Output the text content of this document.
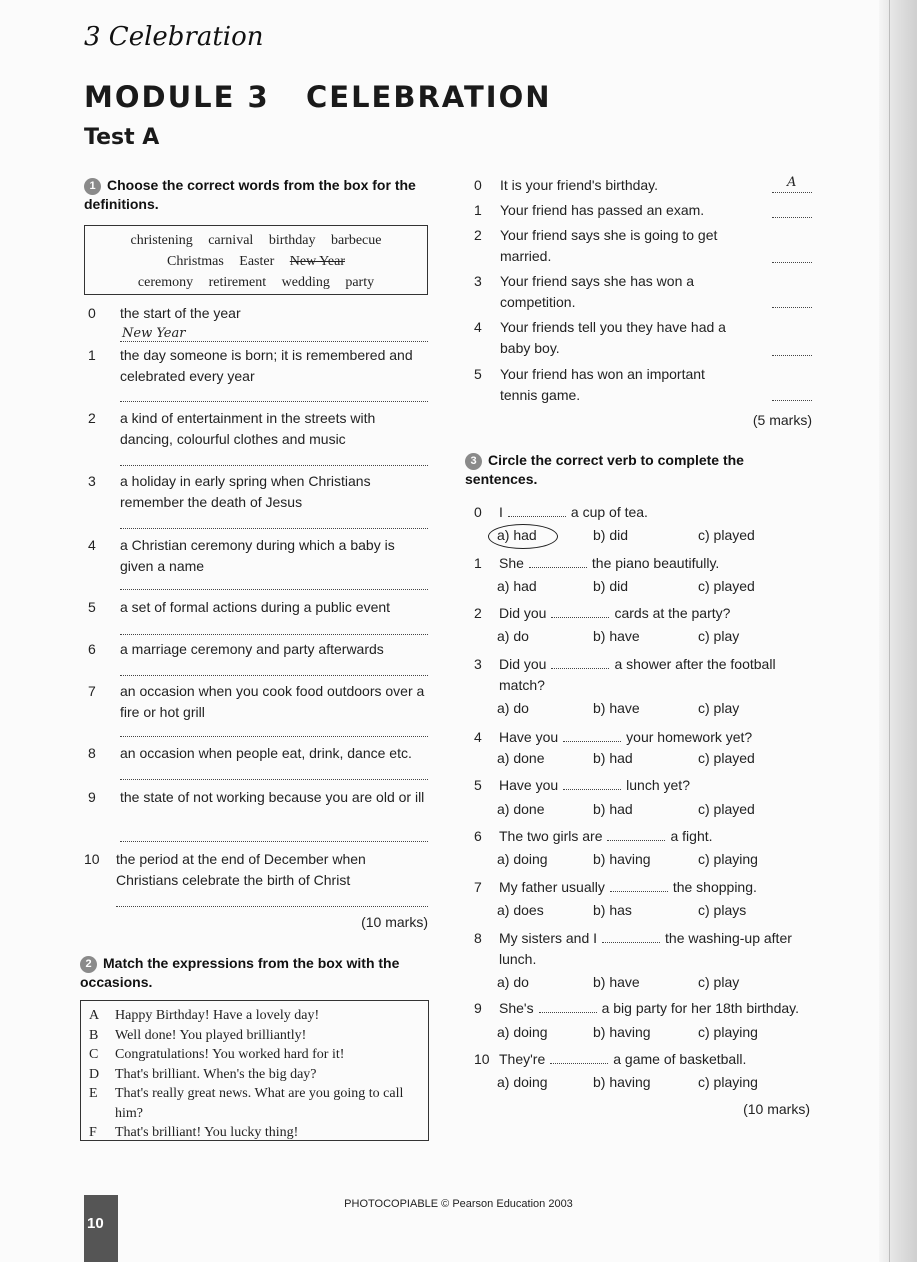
3 Celebration
MODULE 3   CELEBRATION
Test A
1 Choose the correct words from the box for the definitions.
christening carnival birthday barbecue
Christmas Easter New Year
ceremony retirement wedding party
0	the start of the year
New Year
1	the day someone is born; it is remembered and celebrated every year
2	a kind of entertainment in the streets with dancing, colourful clothes and music
3	a holiday in early spring when Christians remember the death of Jesus
4	a Christian ceremony during which a baby is given a name
5	a set of formal actions during a public event
6	a marriage ceremony and party afterwards
7	an occasion when you cook food outdoors over a fire or hot grill
8	an occasion when people eat, drink, dance etc.
9	the state of not working because you are old or ill
10	the period at the end of December when Christians celebrate the birth of Christ
(10 marks)
2 Match the expressions from the box with the occasions.
A	Happy Birthday! Have a lovely day!
B	Well done! You played brilliantly!
C	Congratulations! You worked hard for it!
D	That's brilliant. When's the big day?
E	That's really great news. What are you going to call him?
F	That's brilliant! You lucky thing!
0	It is your friend's birthday.	A
1	Your friend has passed an exam.
2	Your friend says she is going to get married.
3	Your friend says she has won a competition.
4	Your friends tell you they have had a baby boy.
5	Your friend has won an important tennis game.
(5 marks)
3 Circle the correct verb to complete the sentences.
0	I	a cup of tea.
a) had	b) did	c) played
1	She	the piano beautifully.
a) had	b) did	c) played
2	Did you	cards at the party?
a) do	b) have	c) play
3	Did you	a shower after the football match?
a) do	b) have	c) play
4	Have you	your homework yet?
a) done	b) had	c) played
5	Have you	lunch yet?
a) done	b) had	c) played
6	The two girls are	a fight.
a) doing	b) having	c) playing
7	My father usually	the shopping.
a) does	b) has	c) plays
8	My sisters and I	the washing-up after lunch.
a) do	b) have	c) play
9	She's	a big party for her 18th birthday.
a) doing	b) having	c) playing
10 They're	a game of basketball.
a) doing	b) having	c) playing
(10 marks)
PHOTOCOPIABLE © Pearson Education 2003
10
